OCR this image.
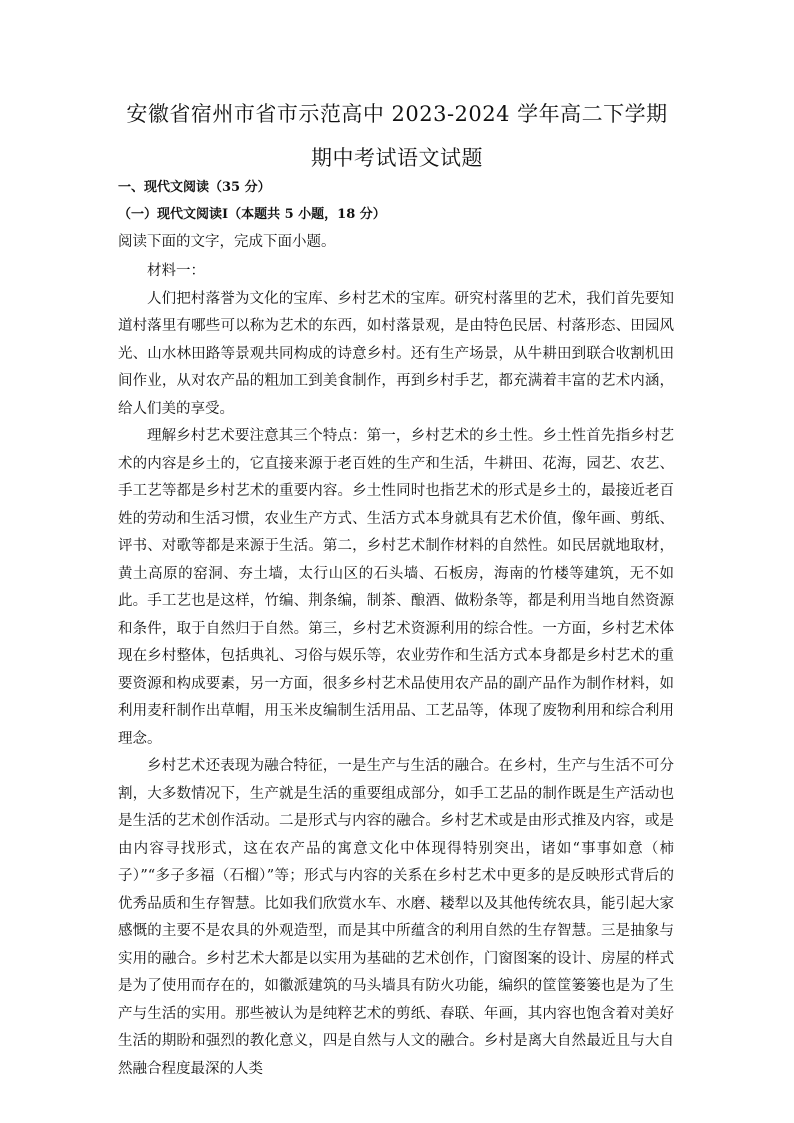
安徽省宿州市省市示范高中 2023-2024 学年高二下学期
期中考试语文试题
一、现代文阅读（35 分）
（一）现代文阅读Ⅰ（本题共 5 小题，18 分）
阅读下面的文字，完成下面小题。

材料一：

人们把村落誉为文化的宝库、乡村艺术的宝库。研究村落里的艺术，我们首先要知道村落里有哪些可以称为艺术的东西，如村落景观，是由特色民居、村落形态、田园风光、山水林田路等景观共同构成的诗意乡村。还有生产场景，从牛耕田到联合收割机田间作业，从对农产品的粗加工到美食制作，再到乡村手艺，都充满着丰富的艺术内涵，给人们美的享受。

理解乡村艺术要注意其三个特点：第一，乡村艺术的乡土性。乡土性首先指乡村艺术的内容是乡土的，它直接来源于老百姓的生产和生活，牛耕田、花海，园艺、农艺、手工艺等都是乡村艺术的重要内容。乡土性同时也指艺术的形式是乡土的，最接近老百姓的劳动和生活习惯，农业生产方式、生活方式本身就具有艺术价值，像年画、剪纸、评书、对歌等都是来源于生活。第二，乡村艺术制作材料的自然性。如民居就地取材，黄土高原的窑洞、夯土墙，太行山区的石头墙、石板房，海南的竹楼等建筑，无不如此。手工艺也是这样，竹编、荆条编，制茶、酿酒、做粉条等，都是利用当地自然资源和条件，取于自然归于自然。第三，乡村艺术资源利用的综合性。一方面，乡村艺术体现在乡村整体，包括典礼、习俗与娱乐等，农业劳作和生活方式本身都是乡村艺术的重要资源和构成要素，另一方面，很多乡村艺术品使用农产品的副产品作为制作材料，如利用麦秆制作出草帽，用玉米皮编制生活用品、工艺品等，体现了废物利用和综合利用理念。

乡村艺术还表现为融合特征，一是生产与生活的融合。在乡村，生产与生活不可分割，大多数情况下，生产就是生活的重要组成部分，如手工艺品的制作既是生产活动也是生活的艺术创作活动。二是形式与内容的融合。乡村艺术或是由形式推及内容，或是由内容寻找形式，这在农产品的寓意文化中体现得特别突出，诸如“事事如意（柿子）”“多子多福（石榴）”等；形式与内容的关系在乡村艺术中更多的是反映形式背后的优秀品质和生存智慧。比如我们欣赏水车、水磨、耧犁以及其他传统农具，能引起大家感慨的主要不是农具的外观造型，而是其中所蕴含的利用自然的生存智慧。三是抽象与实用的融合。乡村艺术大都是以实用为基础的艺术创作，门窗图案的设计、房屋的样式是为了使用而存在的，如徽派建筑的马头墙具有防火功能，编织的筐筐篓篓也是为了生产与生活的实用。那些被认为是纯粹艺术的剪纸、春联、年画，其内容也饱含着对美好生活的期盼和强烈的教化意义，四是自然与人文的融合。乡村是离大自然最近且与大自然融合程度最深的人类
